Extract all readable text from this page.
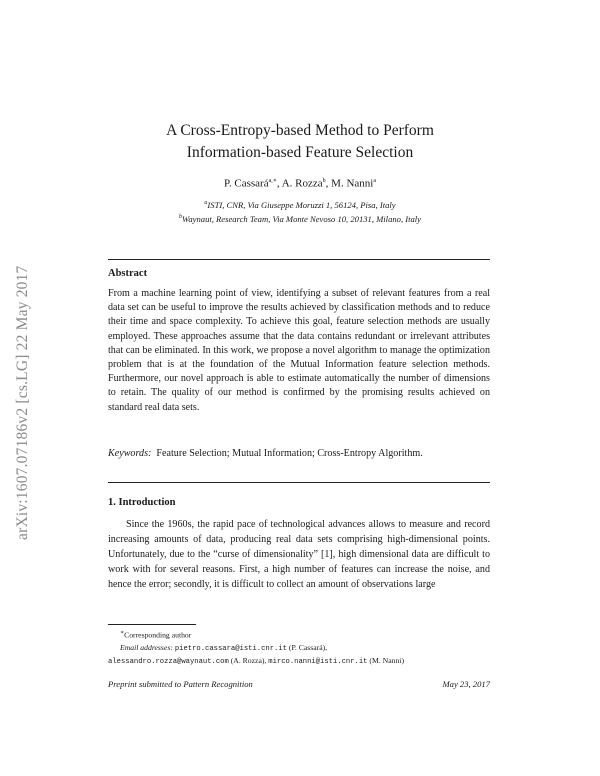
arXiv:1607.07186v2 [cs.LG] 22 May 2017
A Cross-Entropy-based Method to Perform
Information-based Feature Selection
P. Cassará$^{a,∗}$, A. Rozza$^b$, M. Nanni$^a$
$^a$ISTI, CNR, Via Giuseppe Moruzzi 1, 56124, Pisa, Italy
$^b$Waynaut, Research Team, Via Monte Nevoso 10, 20131, Milano, Italy
Abstract
From a machine learning point of view, identifying a subset of relevant features from a real data set can be useful to improve the results achieved by classification methods and to reduce their time and space complexity. To achieve this goal, feature selection methods are usually employed. These approaches assume that the data contains redundant or irrelevant attributes that can be eliminated. In this work, we propose a novel algorithm to manage the optimization problem that is at the foundation of the Mutual Information feature selection methods. Furthermore, our novel approach is able to estimate automatically the number of dimensions to retain. The quality of our method is confirmed by the promising results achieved on standard real data sets.
Keywords: Feature Selection; Mutual Information; Cross-Entropy Algorithm.
1. Introduction
Since the 1960s, the rapid pace of technological advances allows to measure and record increasing amounts of data, producing real data sets comprising high-dimensional points. Unfortunately, due to the “curse of dimensionality” [1], high dimensional data are difficult to work with for several reasons. First, a high number of features can increase the noise, and hence the error; secondly, it is difficult to collect an amount of observations large
∗Corresponding author
Email addresses: pietro.cassara@isti.cnr.it (P. Cassará),
alessandro.rozza@waynaut.com (A. Rozza), mirco.nanni@isti.cnr.it (M. Nanni)
Preprint submitted to Pattern Recognition	May 23, 2017
